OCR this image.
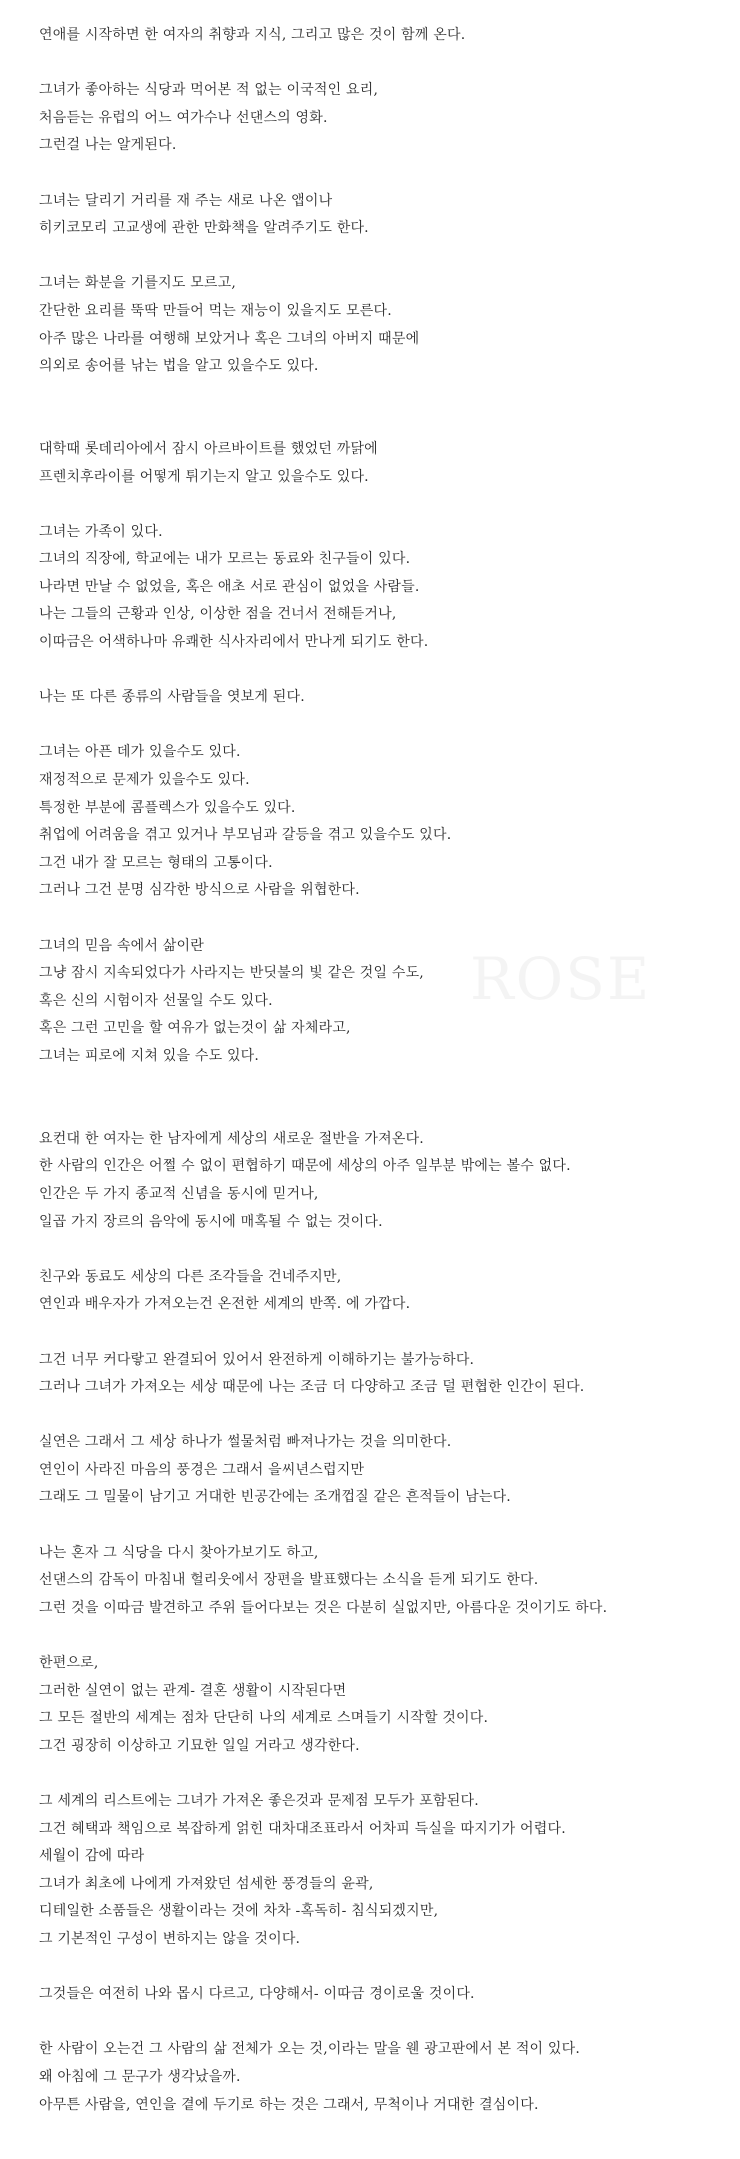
연애를 시작하면 한 여자의 취향과 지식, 그리고 많은 것이 함께 온다.

그녀가 좋아하는 식당과 먹어본 적 없는 이국적인 요리,
처음듣는 유럽의 어느 여가수나 선댄스의 영화.
그런걸 나는 알게된다.

그녀는 달리기 거리를 재 주는 새로 나온 앱이나
히키코모리 고교생에 관한 만화책을 알려주기도 한다.

그녀는 화분을 기를지도 모르고,
간단한 요리를 뚝딱 만들어 먹는 재능이 있을지도 모른다.
아주 많은 나라를 여행해 보았거나 혹은 그녀의 아버지 때문에
의외로 송어를 낚는 법을 알고 있을수도 있다.

대학때 롯데리아에서 잠시 아르바이트를 했었던 까닭에
프렌치후라이를 어떻게 튀기는지 알고 있을수도 있다.

그녀는 가족이 있다.
그녀의 직장에, 학교에는 내가 모르는 동료와 친구들이 있다.
나라면 만날 수 없었을, 혹은 애초 서로 관심이 없었을 사람들.
나는 그들의 근황과 인상, 이상한 점을 건너서 전해듣거나,
이따금은 어색하나마 유쾌한 식사자리에서 만나게 되기도 한다.

나는 또 다른 종류의 사람들을 엿보게 된다.

그녀는 아픈 데가 있을수도 있다.
재정적으로 문제가 있을수도 있다.
특정한 부분에 콤플렉스가 있을수도 있다.
취업에 어려움을 겪고 있거나 부모님과 갈등을 겪고 있을수도 있다.
그건 내가 잘 모르는 형태의 고통이다.
그러나 그건 분명 심각한 방식으로 사람을 위협한다.

그녀의 믿음 속에서 삶이란
그냥 잠시 지속되었다가 사라지는 반딧불의 빛 같은 것일 수도,
혹은 신의 시험이자 선물일 수도 있다.
혹은 그런 고민을 할 여유가 없는것이 삶 자체라고,
그녀는 피로에 지쳐 있을 수도 있다.

요컨대 한 여자는 한 남자에게 세상의 새로운 절반을 가져온다.
한 사람의 인간은 어쩔 수 없이 편협하기 때문에 세상의 아주 일부분 밖에는 볼수 없다.
인간은 두 가지 종교적 신념을 동시에 믿거나,
일곱 가지 장르의 음악에 동시에 매혹될 수 없는 것이다.

친구와 동료도 세상의 다른 조각들을 건네주지만,
연인과 배우자가 가져오는건 온전한 세계의 반쪽. 에 가깝다.

그건 너무 커다랗고 완결되어 있어서 완전하게 이해하기는 불가능하다.
그러나 그녀가 가져오는 세상 때문에 나는 조금 더 다양하고 조금 덜 편협한 인간이 된다.

실연은 그래서 그 세상 하나가 썰물처럼 빠져나가는 것을 의미한다.
연인이 사라진 마음의 풍경은 그래서 을씨년스럽지만
그래도 그 밀물이 남기고 거대한 빈공간에는 조개껍질 같은 흔적들이 남는다.

나는 혼자 그 식당을 다시 찾아가보기도 하고,
선댄스의 감독이 마침내 헐리웃에서 장편을 발표했다는 소식을 듣게 되기도 한다.
그런 것을 이따금 발견하고 주위 들어다보는 것은 다분히 실없지만, 아름다운 것이기도 하다.

한편으로,
그러한 실연이 없는 관계- 결혼 생활이 시작된다면
그 모든 절반의 세계는 점차 단단히 나의 세계로 스며들기 시작할 것이다.
그건 굉장히 이상하고 기묘한 일일 거라고 생각한다.

그 세계의 리스트에는 그녀가 가져온 좋은것과 문제점 모두가 포함된다.
그건 혜택과 책임으로 복잡하게 얽힌 대차대조표라서 어차피 득실을 따지기가 어렵다.
세월이 감에 따라
그녀가 최초에 나에게 가져왔던 섬세한 풍경들의 윤곽,
디테일한 소품들은 생활이라는 것에 차차 -혹독히- 침식되겠지만,
그 기본적인 구성이 변하지는 않을 것이다.

그것들은 여전히 나와 몹시 다르고, 다양해서- 이따금 경이로울 것이다.

한 사람이 오는건 그 사람의 삶 전체가 오는 것,이라는 말을 웬 광고판에서 본 적이 있다.
왜 아침에 그 문구가 생각났을까.
아무튼 사람을, 연인을 곁에 두기로 하는 것은 그래서, 무척이나 거대한 결심이다.
